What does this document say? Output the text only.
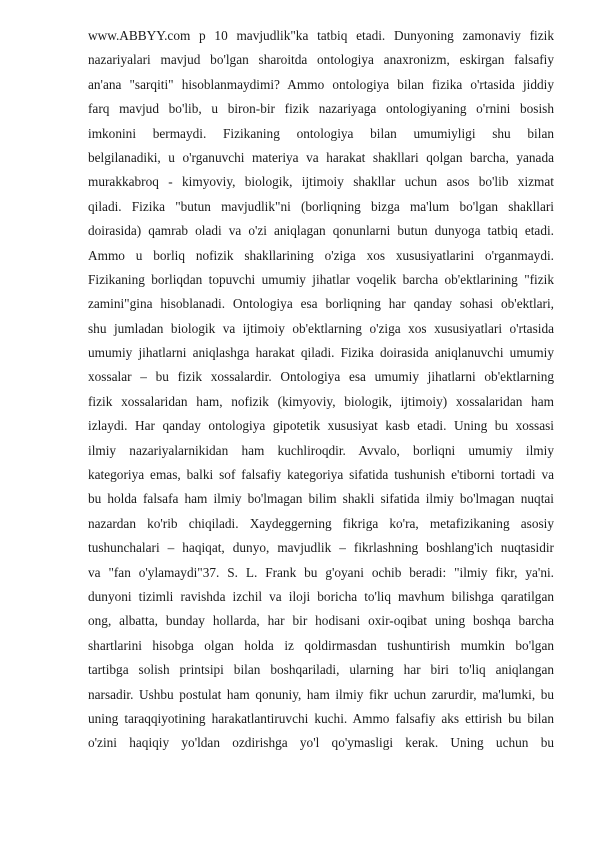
www.ABBYY.com p 10 mavjudlik"ka tatbiq etadi. Dunyoning zamonaviy fizik
nazariyalari mavjud bo'lgan sharoitda ontologiya anaxronizm, eskirgan falsafiy
an'ana "sarqiti" hisoblanmaydimi? Ammo ontologiya bilan fizika o'rtasida jiddiy
farq mavjud bo'lib, u biron-bir fizik nazariyaga ontologiyaning o'rnini bosish
imkonini bermaydi. Fizikaning ontologiya bilan umumiyligi shu bilan
belgilanadiki, u o'rganuvchi materiya va harakat shakllari qolgan barcha, yanada
murakkabroq - kimyoviy, biologik, ijtimoiy shakllar uchun asos bo'lib xizmat
qiladi. Fizika "butun mavjudlik"ni (borliqning bizga ma'lum bo'lgan shakllari
doirasida) qamrab oladi va o'zi aniqlagan qonunlarni butun dunyoga tatbiq etadi.
Ammo u borliq nofizik shakllarining o'ziga xos xususiyatlarini o'rganmaydi.
Fizikaning borliqdan topuvchi umumiy jihatlar voqelik barcha ob'ektlarining "fizik
zamini"gina hisoblanadi. Ontologiya esa borliqning har qanday sohasi ob'ektlari,
shu jumladan biologik va ijtimoiy ob'ektlarning o'ziga xos xususiyatlari o'rtasida
umumiy jihatlarni aniqlashga harakat qiladi. Fizika doirasida aniqlanuvchi umumiy
xossalar – bu fizik xossalardir. Ontologiya esa umumiy jihatlarni ob'ektlarning
fizik xossalaridan ham, nofizik (kimyoviy, biologik, ijtimoiy) xossalaridan ham
izlaydi. Har qanday ontologiya gipotetik xususiyat kasb etadi. Uning bu xossasi
ilmiy nazariyalarnikidan ham kuchliroqdir. Avvalo, borliqni umumiy ilmiy
kategoriya emas, balki sof falsafiy kategoriya sifatida tushunish e'tiborni tortadi va
bu holda falsafa ham ilmiy bo'lmagan bilim shakli sifatida ilmiy bo'lmagan nuqtai
nazardan ko'rib chiqiladi. Xaydeggerning fikriga ko'ra, metafizikaning asosiy
tushunchalari – haqiqat, dunyo, mavjudlik – fikrlashning boshlang'ich nuqtasidir
va "fan o'ylamaydi"37. S. L. Frank bu g'oyani ochib beradi: "ilmiy fikr, ya'ni.
dunyoni tizimli ravishda izchil va iloji boricha to'liq mavhum bilishga qaratilgan
ong, albatta, bunday hollarda, har bir hodisani oxir-oqibat uning boshqa barcha
shartlarini hisobga olgan holda iz qoldirmasdan tushuntirish mumkin bo'lgan
tartibga solish printsipi bilan boshqariladi, ularning har biri to'liq aniqlangan
narsadir. Ushbu postulat ham qonuniy, ham ilmiy fikr uchun zarurdir, ma'lumki, bu
uning taraqqiyotining harakatlantiruvchi kuchi. Ammo falsafiy aks ettirish bu bilan
o'zini haqiqiy yo'ldan ozdirishga yo'l qo'ymasligi kerak. Uning uchun bu
